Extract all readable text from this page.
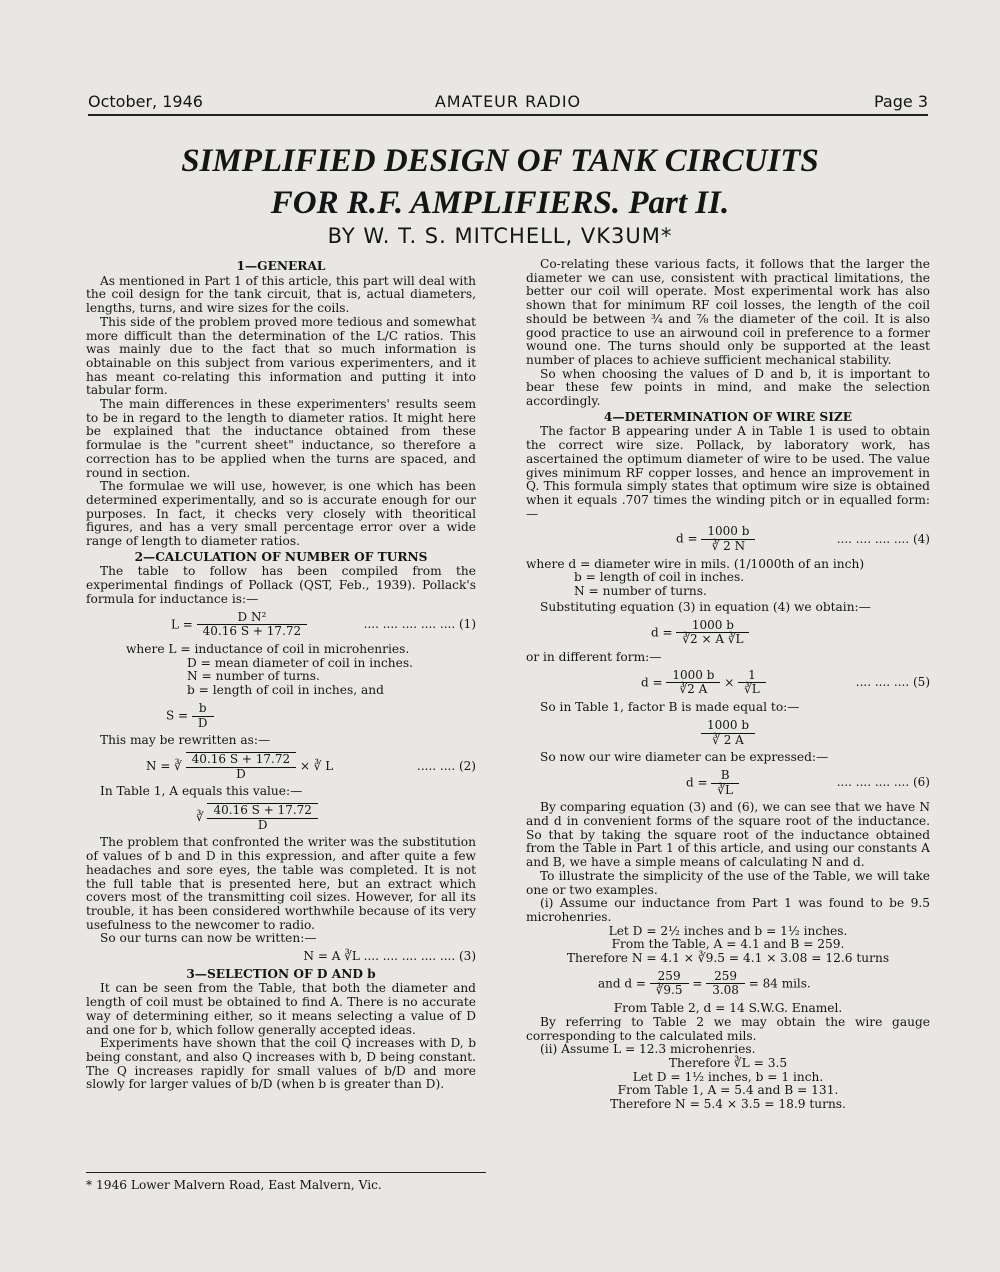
October, 1946	AMATEUR RADIO	Page 3
SIMPLIFIED DESIGN OF TANK CIRCUITS
FOR R.F. AMPLIFIERS. Part II.
BY W. T. S. MITCHELL, VK3UM*
1—GENERAL

As mentioned in Part 1 of this article, this part will deal with the coil design for the tank circuit, that is, actual diameters, lengths, turns, and wire sizes for the coils.

This side of the problem proved more tedious and somewhat more difficult than the determination of the L/C ratios. This was mainly due to the fact that so much information is obtainable on this subject from various experimenters, and it has meant co-relating this information and putting it into tabular form.

The main differences in these experimenters' results seem to be in regard to the length to diameter ratios. It might here be explained that the inductance obtained from these formulae is the "current sheet" inductance, so therefore a correction has to be applied when the turns are spaced, and round in section.

The formulae we will use, however, is one which has been determined experimentally, and so is accurate enough for our purposes. In fact, it checks very closely with theoritical figures, and has a very small percentage error over a wide range of length to diameter ratios.

2—CALCULATION OF NUMBER OF TURNS

The table to follow has been compiled from the experimental findings of Pollack (QST, Feb., 1939). Pollack's formula for inductance is:—

$L = \frac{\text{D N²}}{40.16 S + 17.72}$	.... .... .... .... .... (1)
where L = inductance of coil in microhenries.
D = mean diameter of coil in inches.
N = number of turns.
b = length of coil in inches, and
$S = \frac{b}{D}$

This may be rewritten as:—

N = ∛ $\frac{40.16 S + 17.72}{D}$ × ∛ L	..... .... (2)

In Table 1, A equals this value:—

∛ $\frac{40.16 S + 17.72}{D}$

The problem that confronted the writer was the substitution of values of b and D in this expression, and after quite a few headaches and sore eyes, the table was completed. It is not the full table that is presented here, but an extract which covers most of the transmitting coil sizes. However, for all its trouble, it has been considered worthwhile because of its very usefulness to the newcomer to radio.

So our turns can now be written:—

N = A ∛L .... .... .... .... .... (3)
3—SELECTION OF D AND b

It can be seen from the Table, that both the diameter and length of coil must be obtained to find A. There is no accurate way of determining either, so it means selecting a value of D and one for b, which follow generally accepted ideas.

Experiments have shown that the coil Q increases with D, b being constant, and also Q increases with b, D being constant. The Q increases rapidly for small values of b/D and more slowly for larger values of b/D (when b is greater than D).

* 1946 Lower Malvern Road, East Malvern, Vic.

Co-relating these various facts, it follows that the larger the diameter we can use, consistent with practical limitations, the better our coil will operate. Most experimental work has also shown that for minimum RF coil losses, the length of the coil should be between ¾ and ⅞ the diameter of the coil. It is also good practice to use an airwound coil in preference to a former wound one. The turns should only be supported at the least number of places to achieve sufficient mechanical stability.

So when choosing the values of D and b, it is important to bear these few points in mind, and make the selection accordingly.

4—DETERMINATION OF WIRE SIZE

The factor B appearing under A in Table 1 is used to obtain the correct wire size. Pollack, by laboratory work, has ascertained the optimum diameter of wire to be used. The value gives minimum RF copper losses, and hence an improvement in Q. This formula simply states that optimum wire size is obtained when it equals .707 times the winding pitch or in equalled form:—

$d = \frac{1000 b}{∛ 2 N}$	.... .... .... .... (4)
where d = diameter wire in mils. (1/1000th of an inch)
b = length of coil in inches.
N = number of turns.

Substituting equation (3) in equation (4) we obtain:—

$d = \frac{1000 b}{∛2 \times A ∛L}$

or in different form:—

$d = \frac{1000 b}{∛2 A} \times \frac{1}{∛L}$	.... .... .... (5)

So in Table 1, factor B is made equal to:—

$\frac{1000 b}{∛ 2 A}$

So now our wire diameter can be expressed:—

$d = \frac{B}{∛L}$	.... .... .... .... (6)

By comparing equation (3) and (6), we can see that we have N and d in convenient forms of the square root of the inductance. So that by taking the square root of the inductance obtained from the Table in Part 1 of this article, and using our constants A and B, we have a simple means of calculating N and d.

To illustrate the simplicity of the use of the Table, we will take one or two examples.

(i) Assume our inductance from Part 1 was found to be 9.5 microhenries.

Let D = 2½ inches and b = 1½ inches.
From the Table, A = 4.1 and B = 259.
Therefore N = 4.1 × ∛9.5 = 4.1 × 3.08 = 12.6 turns
and $d = \frac{259}{∛9.5} = \frac{259}{3.08} = 84$ mils.
From Table 2, d = 14 S.W.G. Enamel.

By referring to Table 2 we may obtain the wire gauge corresponding to the calculated mils.

(ii) Assume L = 12.3 microhenries.

Therefore ∛L = 3.5
Let D = 1½ inches, b = 1 inch.
From Table 1, A = 5.4 and B = 131.
Therefore N = 5.4 × 3.5 = 18.9 turns.
